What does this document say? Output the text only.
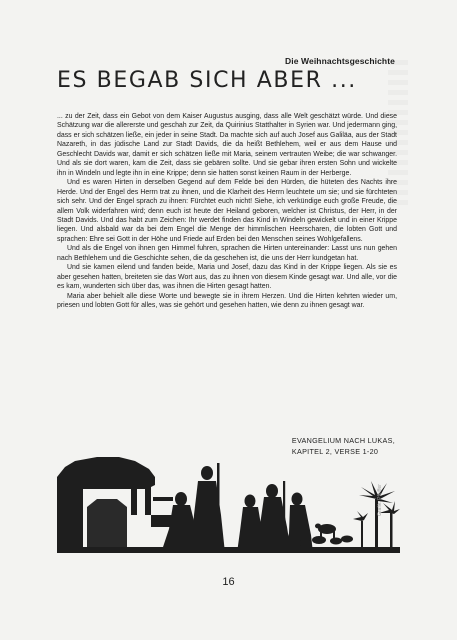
Die Weihnachtsgeschichte
ES BEGAB SICH ABER ...

... zu der Zeit, dass ein Gebot von dem Kaiser Augustus ausging, dass alle Welt geschätzt würde. Und diese Schätzung war die allererste und geschah zur Zeit, da Quirinius Statthalter in Syrien war. Und jedermann ging, dass er sich schätzen ließe, ein jeder in seine Stadt. Da machte sich auf auch Josef aus Galiläa, aus der Stadt Nazareth, in das jüdische Land zur Stadt Davids, die da heißt Bethlehem, weil er aus dem Hause und Geschlecht Davids war, damit er sich schätzen ließe mit Maria, seinem vertrauten Weibe; die war schwanger. Und als sie dort waren, kam die Zeit, dass sie gebären sollte. Und sie gebar ihren ersten Sohn und wickelte ihn in Windeln und legte ihn in eine Krippe; denn sie hatten sonst keinen Raum in der Herberge.

Und es waren Hirten in derselben Gegend auf dem Felde bei den Hürden, die hüteten des Nachts ihre Herde. Und der Engel des Herrn trat zu ihnen, und die Klarheit des Herrn leuchtete um sie; und sie fürchteten sich sehr. Und der Engel sprach zu ihnen: Fürchtet euch nicht! Siehe, ich verkündige euch große Freude, die allem Volk widerfahren wird; denn euch ist heute der Heiland geboren, welcher ist Christus, der Herr, in der Stadt Davids. Und das habt zum Zeichen: Ihr werdet finden das Kind in Windeln gewickelt und in einer Krippe liegen. Und alsbald war da bei dem Engel die Menge der himmlischen Heerscharen, die lobten Gott und sprachen: Ehre sei Gott in der Höhe und Friede auf Erden bei den Menschen seines Wohlgefallens.

Und als die Engel von ihnen gen Himmel fuhren, sprachen die Hirten untereinander: Lasst uns nun gehen nach Bethlehem und die Geschichte sehen, die da geschehen ist, die uns der Herr kundgetan hat.

Und sie kamen eilend und fanden beide, Maria und Josef, dazu das Kind in der Krippe liegen. Als sie es aber gesehen hatten, breiteten sie das Wort aus, das zu ihnen von diesem Kinde gesagt war. Und alle, vor die es kam, wunderten sich über das, was ihnen die Hirten gesagt hatten.

Maria aber behielt alle diese Worte und bewegte sie in ihrem Herzen. Und die Hirten kehrten wieder um, priesen und lobten Gott für alles, was sie gehört und gesehen hatten, wie denn zu ihnen gesagt war.

EVANGELIUM NACH LUKAS,
KAPITEL 2, VERSE 1-20
Grafik: Pfeiffer
16
